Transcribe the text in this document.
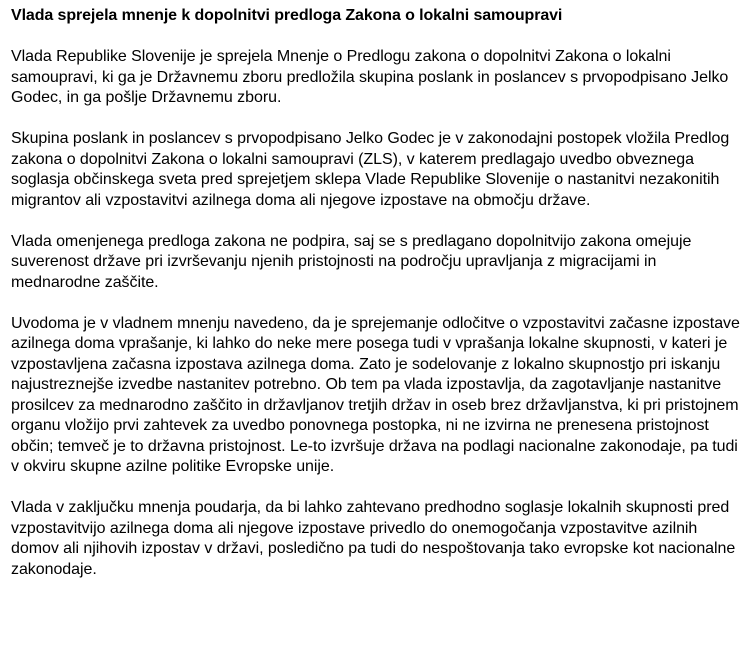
Vlada sprejela mnenje k dopolnitvi predloga Zakona o lokalni samoupravi

Vlada Republike Slovenije je sprejela Mnenje o Predlogu zakona o dopolnitvi Zakona o lokalni samoupravi, ki ga je Državnemu zboru predložila skupina poslank in poslancev s prvopodpisano Jelko Godec, in ga pošlje Državnemu zboru.

Skupina poslank in poslancev s prvopodpisano Jelko Godec je v zakonodajni postopek vložila Predlog zakona o dopolnitvi Zakona o lokalni samoupravi (ZLS), v katerem predlagajo uvedbo obveznega soglasja občinskega sveta pred sprejetjem sklepa Vlade Republike Slovenije o nastanitvi nezakonitih migrantov ali vzpostavitvi azilnega doma ali njegove izpostave na območju države.

Vlada omenjenega predloga zakona ne podpira, saj se s predlagano dopolnitvijo zakona omejuje suverenost države pri izvrševanju njenih pristojnosti na področju upravljanja z migracijami in mednarodne zaščite.

Uvodoma je v vladnem mnenju navedeno, da je sprejemanje odločitve o vzpostavitvi začasne izpostave azilnega doma vprašanje, ki lahko do neke mere posega tudi v vprašanja lokalne skupnosti, v kateri je vzpostavljena začasna izpostava azilnega doma. Zato je sodelovanje z lokalno skupnostjo pri iskanju najustreznejše izvedbe nastanitev potrebno. Ob tem pa vlada izpostavlja, da zagotavljanje nastanitve prosilcev za mednarodno zaščito in državljanov tretjih držav in oseb brez državljanstva, ki pri pristojnem organu vložijo prvi zahtevek za uvedbo ponovnega postopka, ni ne izvirna ne prenesena pristojnost občin; temveč je to državna pristojnost. Le-to izvršuje država na podlagi nacionalne zakonodaje, pa tudi v okviru skupne azilne politike Evropske unije.

Vlada v zaključku mnenja poudarja, da bi lahko zahtevano predhodno soglasje lokalnih skupnosti pred vzpostavitvijo azilnega doma ali njegove izpostave privedlo do onemogočanja vzpostavitve azilnih domov ali njihovih izpostav v državi, posledično pa tudi do nespoštovanja tako evropske kot nacionalne zakonodaje.
